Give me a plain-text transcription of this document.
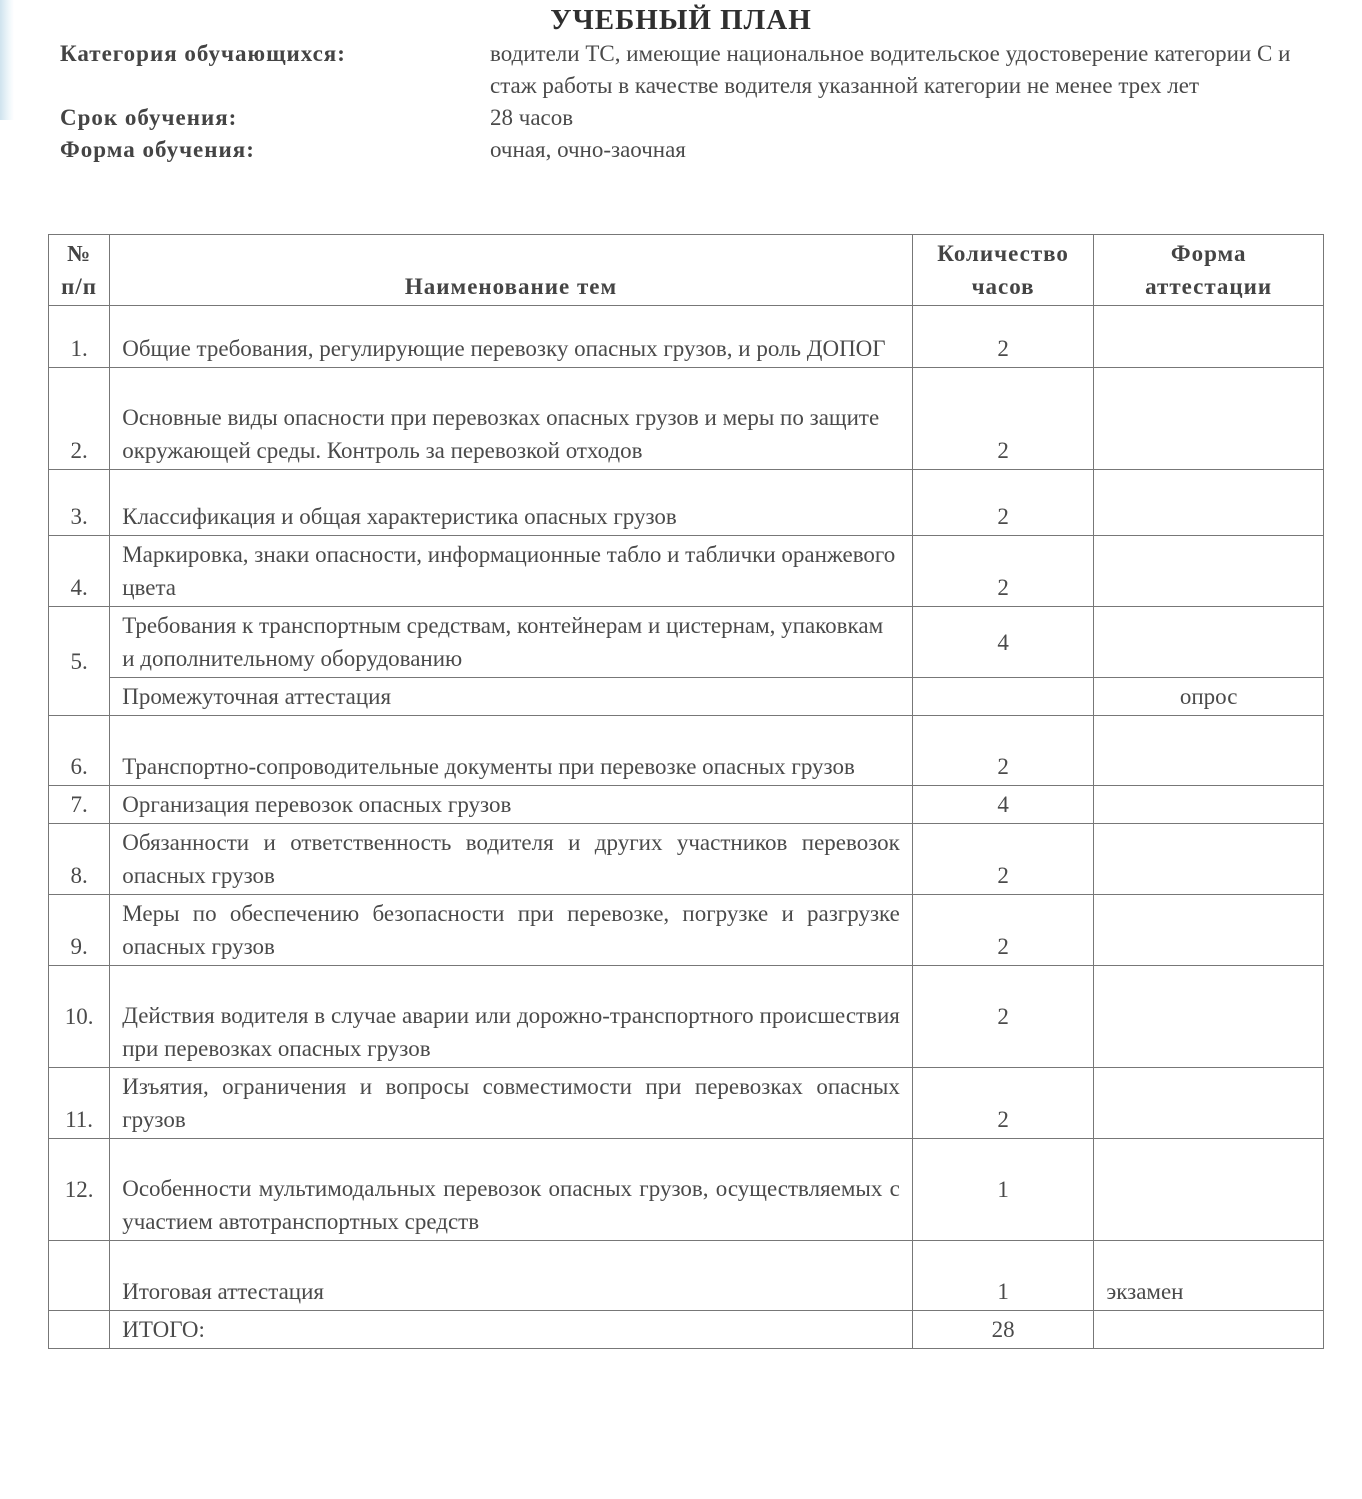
УЧЕБНЫЙ ПЛАН
Категория обучающихся:	водители ТС, имеющие национальное водительское удостоверение категории С и стаж работы в качестве водителя указанной категории не менее трех лет
Срок обучения:	28 часов
Форма обучения:	очная, очно-заочная
№ п/п	Наименование тем	Количество часов	Форма аттестации
1.	Общие требования, регулирующие перевозку опасных грузов, и роль ДОПОГ	2	
2.	Основные виды опасности при перевозках опасных грузов и меры по защите окружающей среды. Контроль за перевозкой отходов	2	
3.	Классификация и общая характеристика опасных грузов	2	
4.	Маркировка, знаки опасности, информационные табло и таблички оранжевого цвета	2	
5.	Требования к транспортным средствам, контейнерам и цистернам, упаковкам и дополнительному оборудованию	4	
	Промежуточная аттестация		опрос
6.	Транспортно-сопроводительные документы при перевозке опасных грузов	2	
7.	Организация перевозок опасных грузов	4	
8.	Обязанности и ответственность водителя и других участников перевозок опасных грузов	2	
9.	Меры по обеспечению безопасности при перевозке, погрузке и разгрузке опасных грузов	2	
10.	Действия водителя в случае аварии или дорожно-транспортного происшествия при перевозках опасных грузов	2	
11.	Изъятия, ограничения и вопросы совместимости при перевозках опасных грузов	2	
12.	Особенности мультимодальных перевозок опасных грузов, осуществляемых с участием автотранспортных средств	1	
	Итоговая аттестация	1	экзамен
	ИТОГО:	28	
